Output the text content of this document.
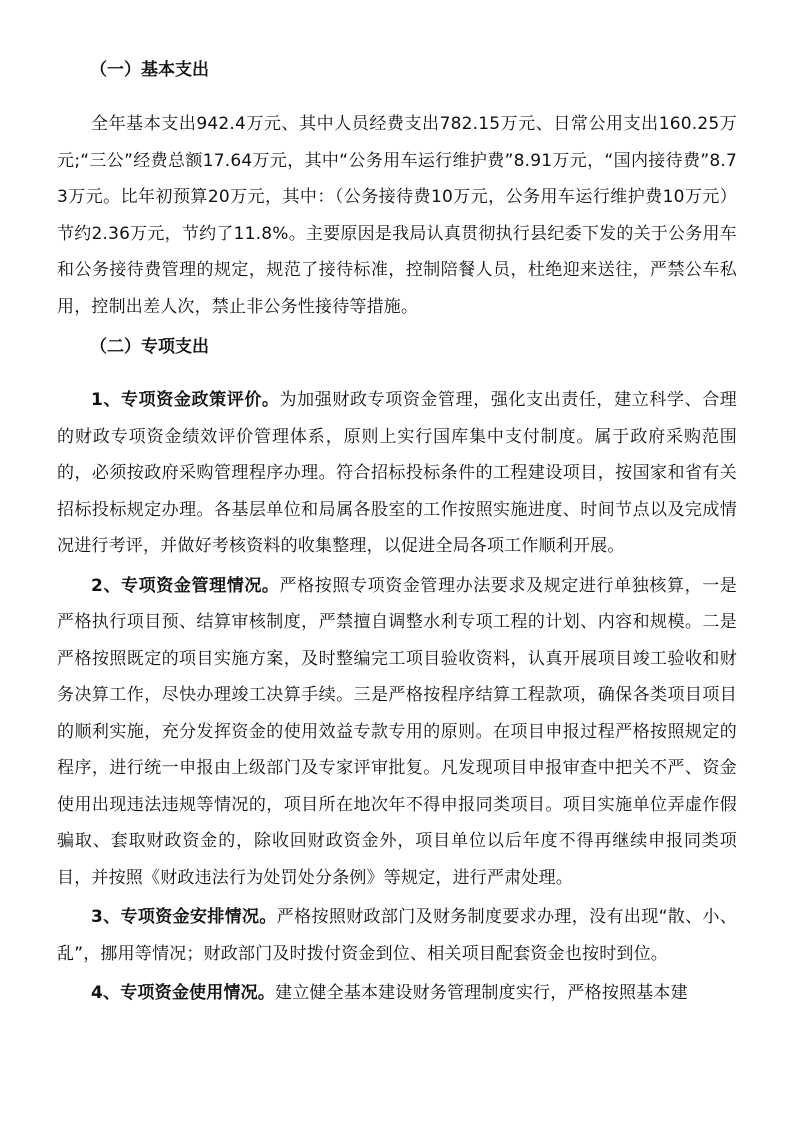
（一）基本支出

全年基本支出942.4万元、其中人员经费支出782.15万元、日常公用支出160.25万元;“三公”经费总额17.64万元，其中“公务用车运行维护费”8.91万元，“国内接待费”8.73万元。比年初预算20万元，其中：（公务接待费10万元，公务用车运行维护费10万元）节约2.36万元，节约了11.8%。主要原因是我局认真贯彻执行县纪委下发的关于公务用车和公务接待费管理的规定，规范了接待标准，控制陪餐人员，杜绝迎来送往，严禁公车私用，控制出差人次，禁止非公务性接待等措施。

（二）专项支出

1、专项资金政策评价。为加强财政专项资金管理，强化支出责任，建立科学、合理的财政专项资金绩效评价管理体系，原则上实行国库集中支付制度。属于政府采购范围的，必须按政府采购管理程序办理。符合招标投标条件的工程建设项目，按国家和省有关招标投标规定办理。各基层单位和局属各股室的工作按照实施进度、时间节点以及完成情况进行考评，并做好考核资料的收集整理，以促进全局各项工作顺利开展。

2、专项资金管理情况。严格按照专项资金管理办法要求及规定进行单独核算，一是严格执行项目预、结算审核制度，严禁擅自调整水利专项工程的计划、内容和规模。二是严格按照既定的项目实施方案，及时整编完工项目验收资料，认真开展项目竣工验收和财务决算工作，尽快办理竣工决算手续。三是严格按程序结算工程款项，确保各类项目项目的顺利实施，充分发挥资金的使用效益专款专用的原则。在项目申报过程严格按照规定的程序，进行统一申报由上级部门及专家评审批复。凡发现项目申报审查中把关不严、资金使用出现违法违规等情况的，项目所在地次年不得申报同类项目。项目实施单位弄虚作假骗取、套取财政资金的，除收回财政资金外，项目单位以后年度不得再继续申报同类项目，并按照《财政违法行为处罚处分条例》等规定，进行严肃处理。

3、专项资金安排情况。严格按照财政部门及财务制度要求办理，没有出现“散、小、乱”，挪用等情况；财政部门及时拨付资金到位、相关项目配套资金也按时到位。

4、专项资金使用情况。建立健全基本建设财务管理制度实行，严格按照基本建
